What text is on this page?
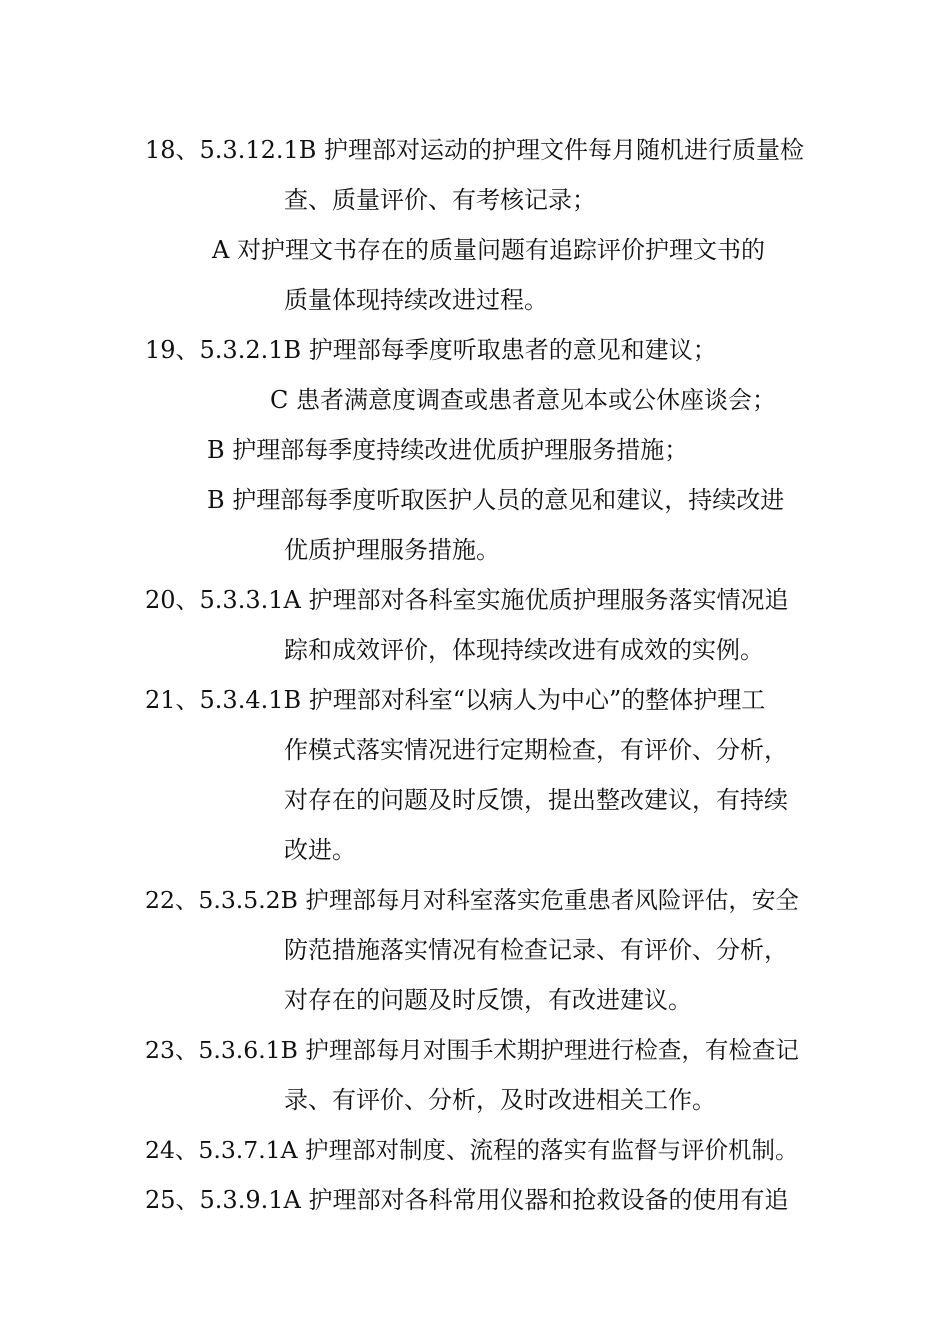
18、5.3.12.1B 护理部对运动的护理文件每月随机进行质量检
查、质量评价、有考核记录；
A 对护理文书存在的质量问题有追踪评价护理文书的
质量体现持续改进过程。
19、5.3.2.1B 护理部每季度听取患者的意见和建议；
C 患者满意度调查或患者意见本或公休座谈会；
B 护理部每季度持续改进优质护理服务措施；
B 护理部每季度听取医护人员的意见和建议，持续改进
优质护理服务措施。
20、5.3.3.1A 护理部对各科室实施优质护理服务落实情况追
踪和成效评价，体现持续改进有成效的实例。
21、5.3.4.1B 护理部对科室“以病人为中心”的整体护理工
作模式落实情况进行定期检查，有评价、分析，
对存在的问题及时反馈，提出整改建议，有持续
改进。
22、5.3.5.2B 护理部每月对科室落实危重患者风险评估，安全
防范措施落实情况有检查记录、有评价、分析，
对存在的问题及时反馈，有改进建议。
23、5.3.6.1B 护理部每月对围手术期护理进行检查，有检查记
录、有评价、分析，及时改进相关工作。
24、5.3.7.1A 护理部对制度、流程的落实有监督与评价机制。
25、5.3.9.1A 护理部对各科常用仪器和抢救设备的使用有追
